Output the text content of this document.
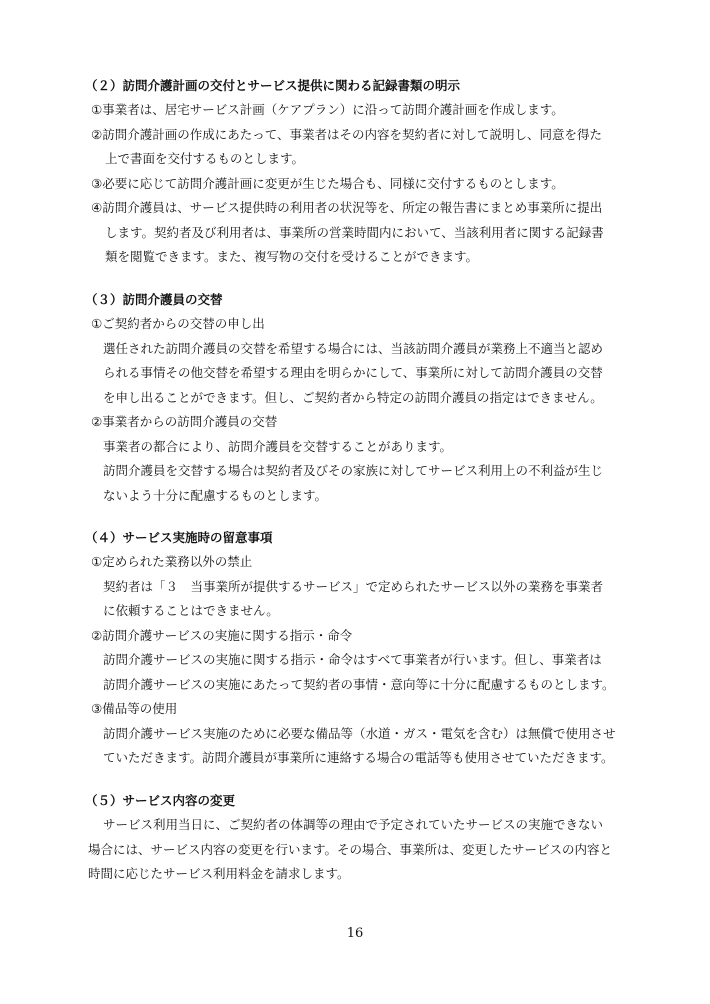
（２）訪問介護計画の交付とサービス提供に関わる記録書類の明示
①事業者は、居宅サービス計画（ケアプラン）に沿って訪問介護計画を作成します。
②訪問介護計画の作成にあたって、事業者はその内容を契約者に対して説明し、同意を得た
上で書面を交付するものとします。
③必要に応じて訪問介護計画に変更が生じた場合も、同様に交付するものとします。
④訪問介護員は、サービス提供時の利用者の状況等を、所定の報告書にまとめ事業所に提出
します。契約者及び利用者は、事業所の営業時間内において、当該利用者に関する記録書
類を閲覧できます。また、複写物の交付を受けることができます。
（３）訪問介護員の交替
①ご契約者からの交替の申し出
選任された訪問介護員の交替を希望する場合には、当該訪問介護員が業務上不適当と認め
られる事情その他交替を希望する理由を明らかにして、事業所に対して訪問介護員の交替
を申し出ることができます。但し、ご契約者から特定の訪問介護員の指定はできません。
②事業者からの訪問介護員の交替
事業者の都合により、訪問介護員を交替することがあります。
訪問介護員を交替する場合は契約者及びその家族に対してサービス利用上の不利益が生じ
ないよう十分に配慮するものとします。
（４）サービス実施時の留意事項
①定められた業務以外の禁止
契約者は「３　当事業所が提供するサービス」で定められたサービス以外の業務を事業者
に依頼することはできません。
②訪問介護サービスの実施に関する指示・命令
訪問介護サービスの実施に関する指示・命令はすべて事業者が行います。但し、事業者は
訪問介護サービスの実施にあたって契約者の事情・意向等に十分に配慮するものとします。
③備品等の使用
訪問介護サービス実施のために必要な備品等（水道・ガス・電気を含む）は無償で使用させ
ていただきます。訪問介護員が事業所に連絡する場合の電話等も使用させていただきます。
（５）サービス内容の変更
サービス利用当日に、ご契約者の体調等の理由で予定されていたサービスの実施できない
場合には、サービス内容の変更を行います。その場合、事業所は、変更したサービスの内容と
時間に応じたサービス利用料金を請求します。
16
